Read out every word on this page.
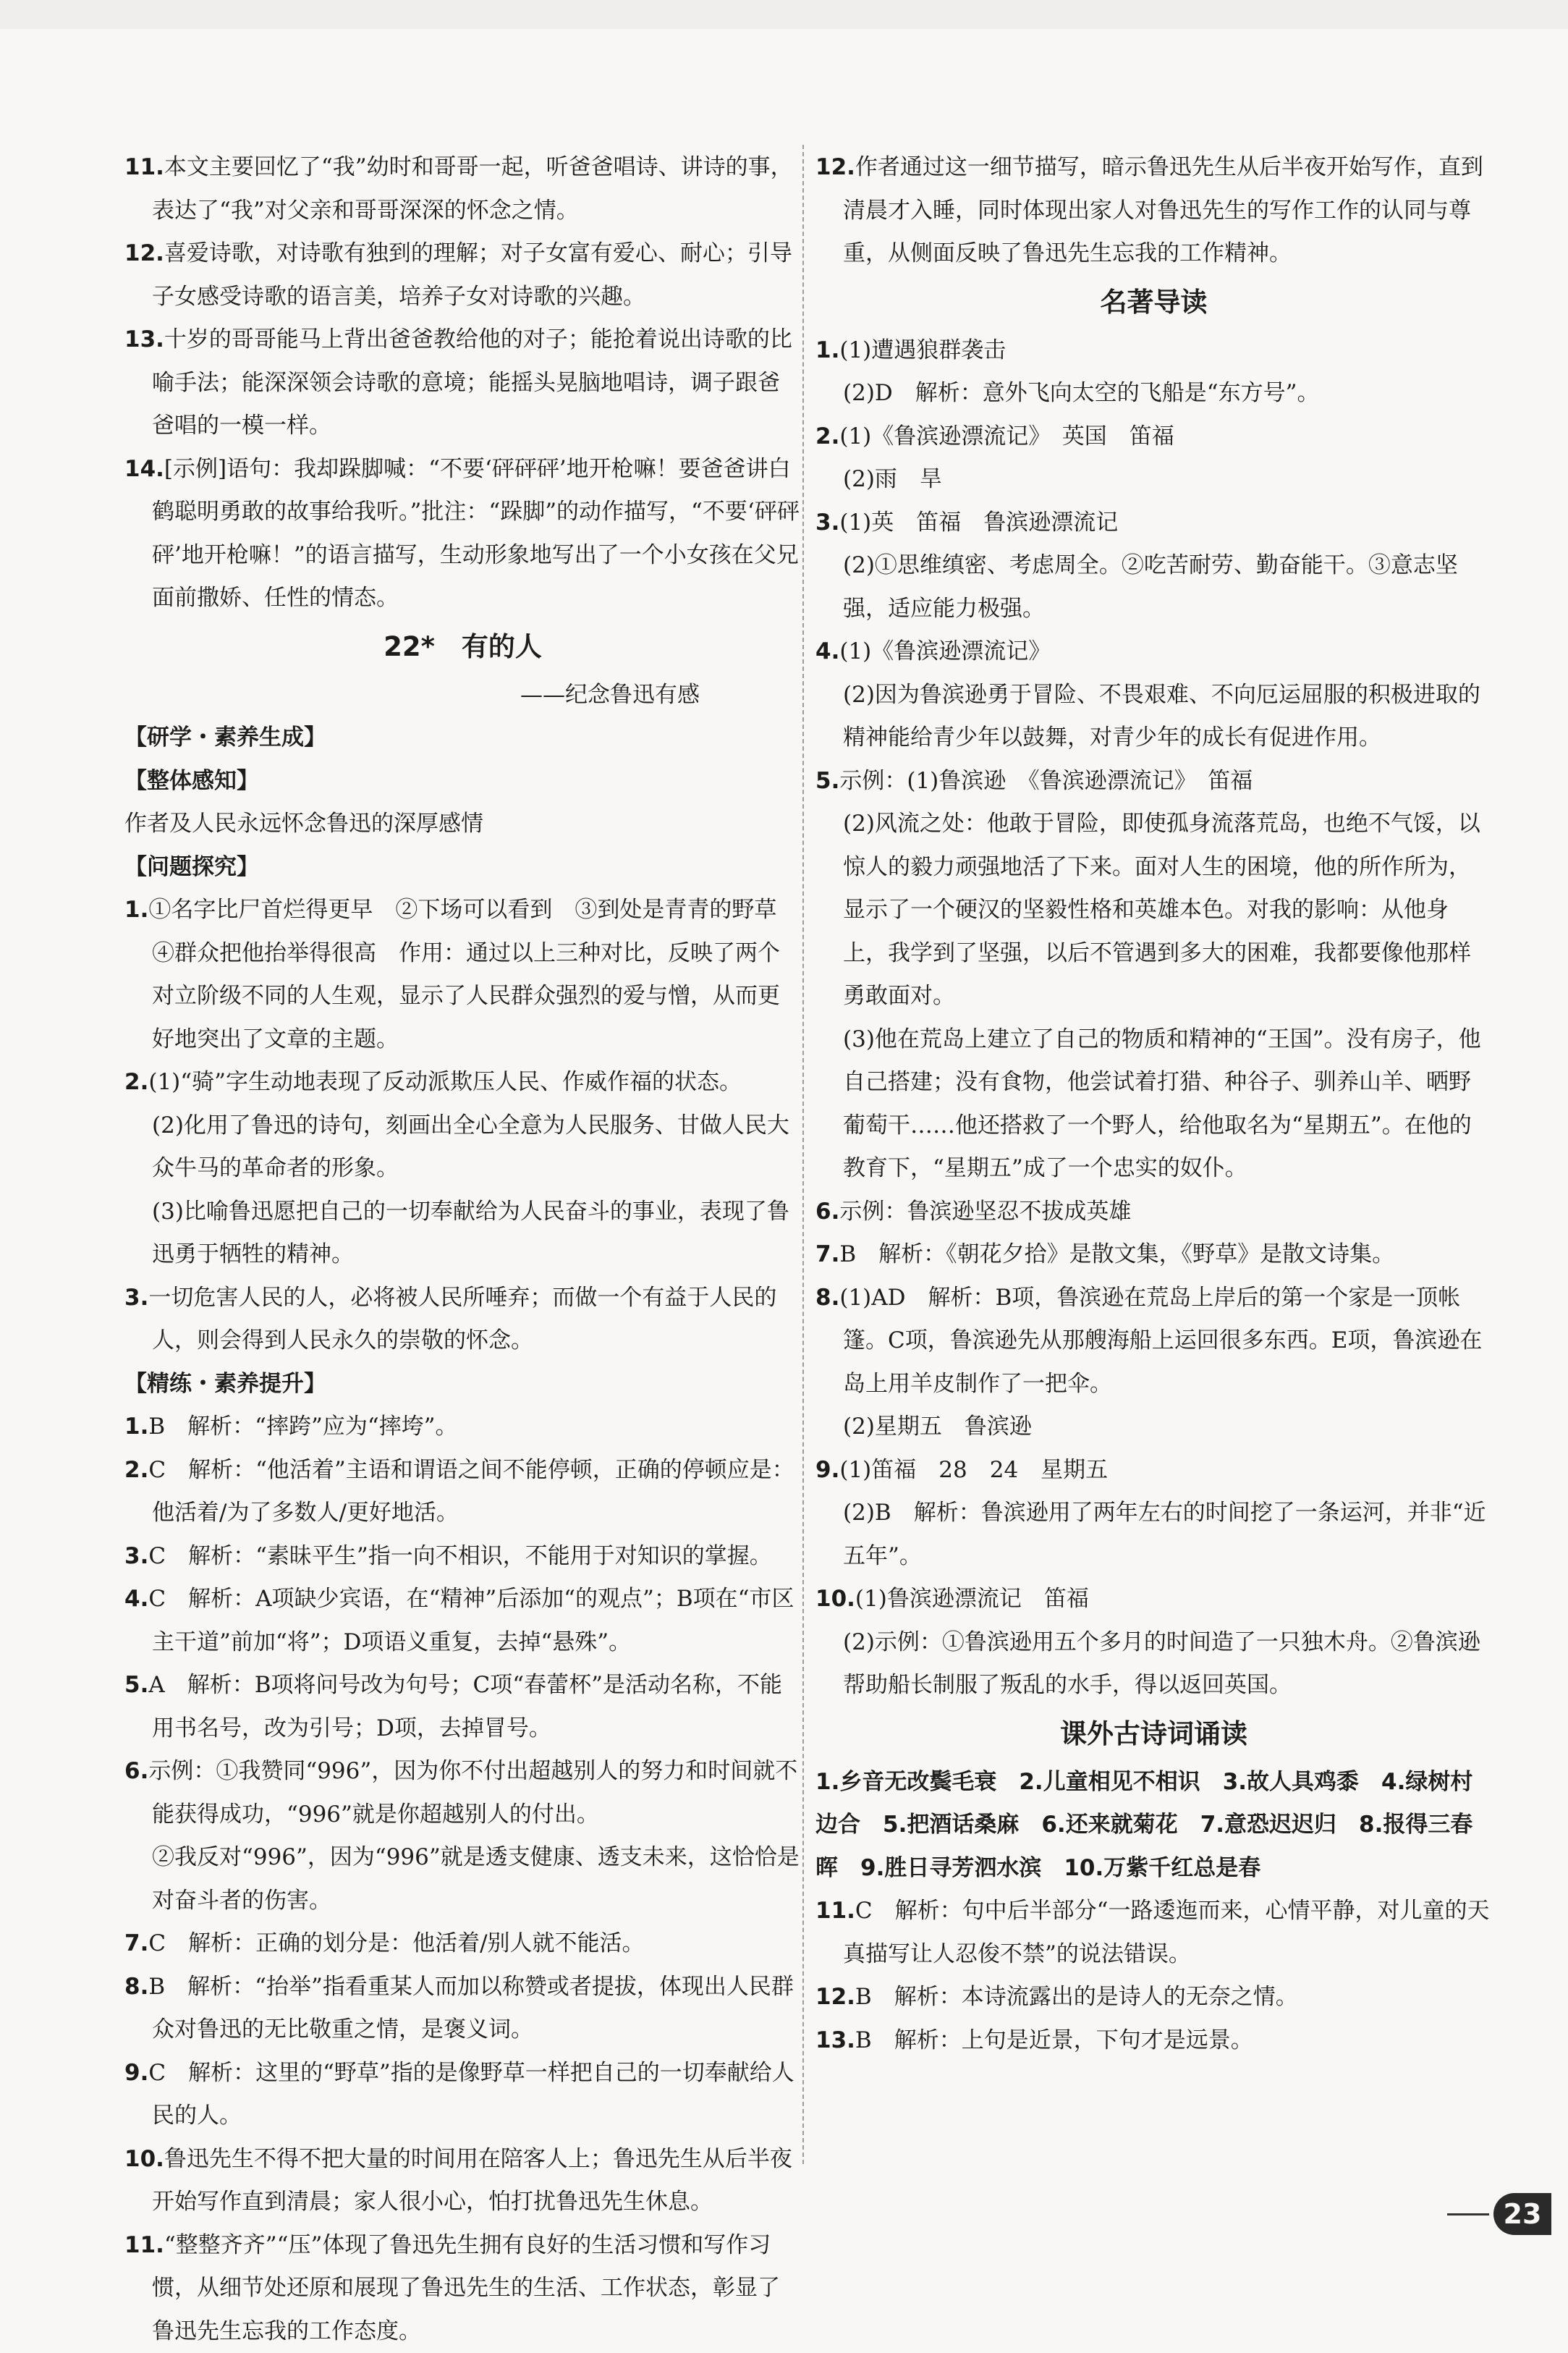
11.本文主要回忆了“我”幼时和哥哥一起，听爸爸唱诗、讲诗的事，表达了“我”对父亲和哥哥深深的怀念之情。
12.喜爱诗歌，对诗歌有独到的理解；对子女富有爱心、耐心；引导子女感受诗歌的语言美，培养子女对诗歌的兴趣。
13.十岁的哥哥能马上背出爸爸教给他的对子；能抢着说出诗歌的比喻手法；能深深领会诗歌的意境；能摇头晃脑地唱诗，调子跟爸爸唱的一模一样。
14.[示例]语句：我却跺脚喊：“不要‘砰砰砰’地开枪嘛！要爸爸讲白鹤聪明勇敢的故事给我听。”批注：“跺脚”的动作描写，“不要‘砰砰砰’地开枪嘛！”的语言描写，生动形象地写出了一个小女孩在父兄面前撒娇、任性的情态。
22*　有的人
——纪念鲁迅有感
【研学・素养生成】
【整体感知】
作者及人民永远怀念鲁迅的深厚感情
【问题探究】
1.①名字比尸首烂得更早　②下场可以看到　③到处是青青的野草　④群众把他抬举得很高　作用：通过以上三种对比，反映了两个对立阶级不同的人生观，显示了人民群众强烈的爱与憎，从而更好地突出了文章的主题。
2.(1)“骑”字生动地表现了反动派欺压人民、作威作福的状态。
(2)化用了鲁迅的诗句，刻画出全心全意为人民服务、甘做人民大众牛马的革命者的形象。
(3)比喻鲁迅愿把自己的一切奉献给为人民奋斗的事业，表现了鲁迅勇于牺牲的精神。
3.一切危害人民的人，必将被人民所唾弃；而做一个有益于人民的人，则会得到人民永久的崇敬的怀念。
【精练・素养提升】
1.B　解析：“摔跨”应为“摔垮”。
2.C　解析：“他活着”主语和谓语之间不能停顿，正确的停顿应是：他活着/为了多数人/更好地活。
3.C　解析：“素昧平生”指一向不相识，不能用于对知识的掌握。
4.C　解析：A项缺少宾语，在“精神”后添加“的观点”；B项在“市区主干道”前加“将”；D项语义重复，去掉“悬殊”。
5.A　解析：B项将问号改为句号；C项“春蕾杯”是活动名称，不能用书名号，改为引号；D项，去掉冒号。
6.示例：①我赞同“996”，因为你不付出超越别人的努力和时间就不能获得成功，“996”就是你超越别人的付出。
②我反对“996”，因为“996”就是透支健康、透支未来，这恰恰是对奋斗者的伤害。
7.C　解析：正确的划分是：他活着/别人就不能活。
8.B　解析：“抬举”指看重某人而加以称赞或者提拔，体现出人民群众对鲁迅的无比敬重之情，是褒义词。
9.C　解析：这里的“野草”指的是像野草一样把自己的一切奉献给人民的人。
10.鲁迅先生不得不把大量的时间用在陪客人上；鲁迅先生从后半夜开始写作直到清晨；家人很小心，怕打扰鲁迅先生休息。
11.“整整齐齐”“压”体现了鲁迅先生拥有良好的生活习惯和写作习惯，从细节处还原和展现了鲁迅先生的生活、工作状态，彰显了鲁迅先生忘我的工作态度。
12.作者通过这一细节描写，暗示鲁迅先生从后半夜开始写作，直到清晨才入睡，同时体现出家人对鲁迅先生的写作工作的认同与尊重，从侧面反映了鲁迅先生忘我的工作精神。
名著导读
1.(1)遭遇狼群袭击
(2)D　解析：意外飞向太空的飞船是“东方号”。
2.(1)《鲁滨逊漂流记》　英国　笛福
(2)雨　旱
3.(1)英　笛福　鲁滨逊漂流记
(2)①思维缜密、考虑周全。②吃苦耐劳、勤奋能干。③意志坚强，适应能力极强。
4.(1)《鲁滨逊漂流记》
(2)因为鲁滨逊勇于冒险、不畏艰难、不向厄运屈服的积极进取的精神能给青少年以鼓舞，对青少年的成长有促进作用。
5.示例：(1)鲁滨逊　《鲁滨逊漂流记》　笛福
(2)风流之处：他敢于冒险，即使孤身流落荒岛，也绝不气馁，以惊人的毅力顽强地活了下来。面对人生的困境，他的所作所为，显示了一个硬汉的坚毅性格和英雄本色。对我的影响：从他身上，我学到了坚强，以后不管遇到多大的困难，我都要像他那样勇敢面对。
(3)他在荒岛上建立了自己的物质和精神的“王国”。没有房子，他自己搭建；没有食物，他尝试着打猎、种谷子、驯养山羊、晒野葡萄干……他还搭救了一个野人，给他取名为“星期五”。在他的教育下，“星期五”成了一个忠实的奴仆。
6.示例：鲁滨逊坚忍不拔成英雄
7.B　解析：《朝花夕拾》是散文集，《野草》是散文诗集。
8.(1)AD　解析：B项，鲁滨逊在荒岛上岸后的第一个家是一顶帐篷。C项，鲁滨逊先从那艘海船上运回很多东西。E项，鲁滨逊在岛上用羊皮制作了一把伞。
(2)星期五　鲁滨逊
9.(1)笛福　28　24　星期五
(2)B　解析：鲁滨逊用了两年左右的时间挖了一条运河，并非“近五年”。
10.(1)鲁滨逊漂流记　笛福
(2)示例：①鲁滨逊用五个多月的时间造了一只独木舟。②鲁滨逊帮助船长制服了叛乱的水手，得以返回英国。
课外古诗词诵读
1.乡音无改鬓毛衰　2.儿童相见不相识　3.故人具鸡黍　4.绿树村边合　5.把酒话桑麻　6.还来就菊花　7.意恐迟迟归　8.报得三春晖　9.胜日寻芳泗水滨　10.万紫千红总是春
11.C　解析：句中后半部分“一路逶迤而来，心情平静，对儿童的天真描写让人忍俊不禁”的说法错误。
12.B　解析：本诗流露出的是诗人的无奈之情。
13.B　解析：上句是近景，下句才是远景。
23
